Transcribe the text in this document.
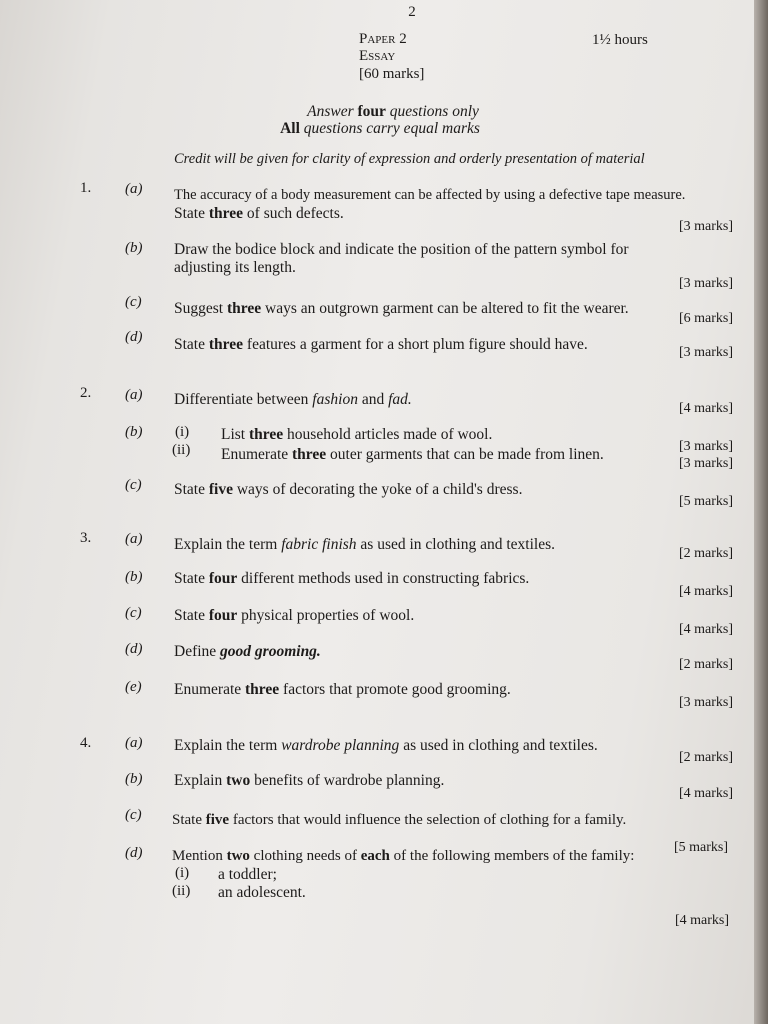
2
Paper 2
Essay
[60 marks]
1½ hours
Answer four questions only
All questions carry equal marks
Credit will be given for clarity of expression and orderly presentation of material
1. (a) The accuracy of a body measurement can be affected by using a defective tape measure.
State three of such defects.
[3 marks]
(b) Draw the bodice block and indicate the position of the pattern symbol for
adjusting its length.
[3 marks]
(c) Suggest three ways an outgrown garment can be altered to fit the wearer.
[6 marks]
(d) State three features a garment for a short plum figure should have.	[3 marks]
2. (a) Differentiate between fashion and fad.
[4 marks]
(b) (i) List three household articles made of wool.
[3 marks]
(ii) Enumerate three outer garments that can be made from linen.
[3 marks]
(c) State five ways of decorating the yoke of a child's dress.
[5 marks]
3. (a) Explain the term fabric finish as used in clothing and textiles.
[2 marks]
(b) State four different methods used in constructing fabrics.
[4 marks]
(c) State four physical properties of wool.
[4 marks]
(d) Define good grooming.
[2 marks]
(e) Enumerate three factors that promote good grooming.
[3 marks]
4. (a) Explain the term wardrobe planning as used in clothing and textiles.
[2 marks]
(b) Explain two benefits of wardrobe planning.
[4 marks]
(c) State five factors that would influence the selection of clothing for a family.
[5 marks]
(d) Mention two clothing needs of each of the following members of the family:
(i) a toddler;
(ii) an adolescent.
[4 marks]
